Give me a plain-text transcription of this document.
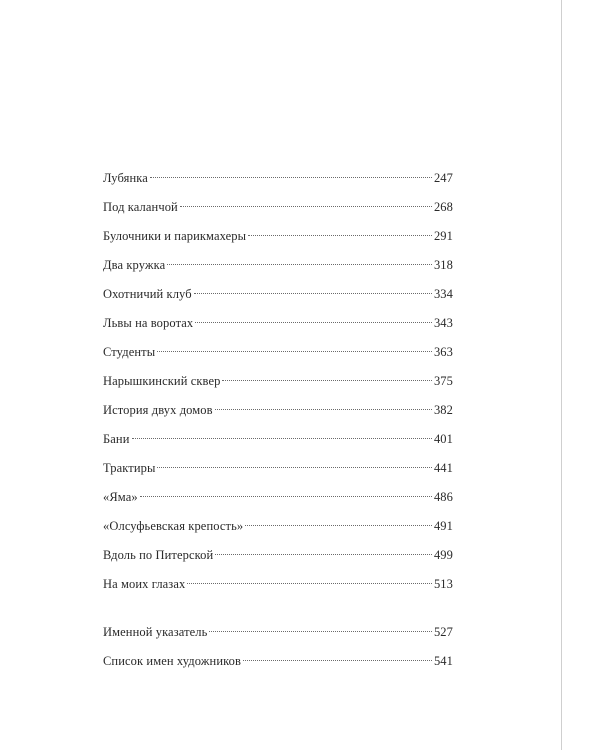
Лубянка	247
Под каланчой	268
Булочники и парикмахеры	291
Два кружка	318
Охотничий клуб	334
Львы на воротах	343
Студенты	363
Нарышкинский сквер	375
История двух домов	382
Бани	401
Трактиры	441
«Яма»	486
«Олсуфьевская крепость»	491
Вдоль по Питерской	499
На моих глазах	513
Именной указатель	527
Список имен художников	541
